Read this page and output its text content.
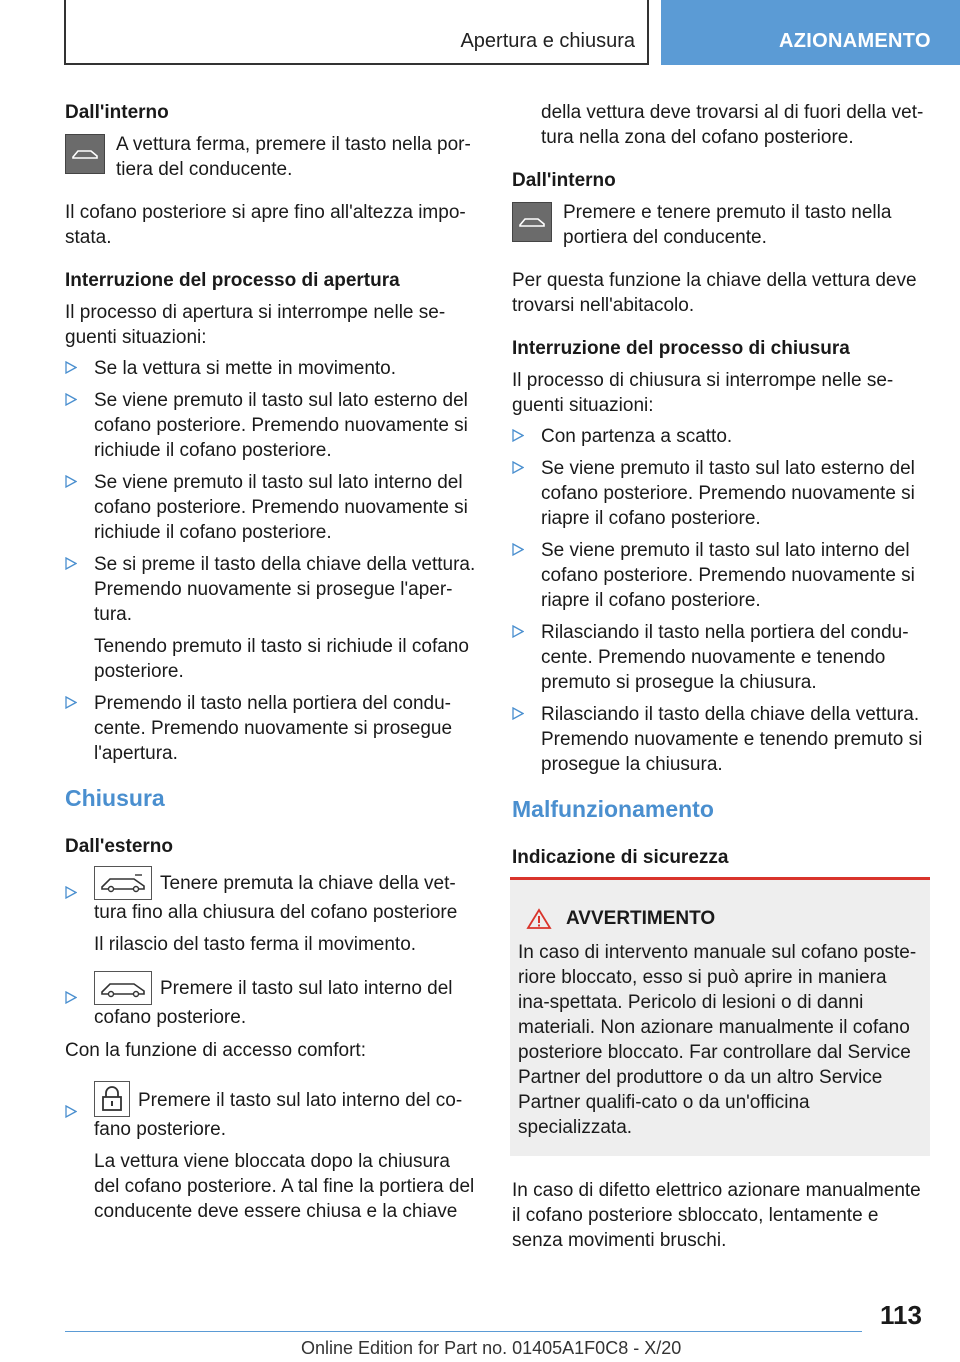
Apertura e chiusura	AZIONAMENTO
Dall'interno
A vettura ferma, premere il tasto nella por-tiera del conducente.

Il cofano posteriore si apre fino all'altezza impo-stata.

Interruzione del processo di apertura

Il processo di apertura si interrompe nelle se-guenti situazioni:

Se la vettura si mette in movimento.
Se viene premuto il tasto sul lato esterno del cofano posteriore. Premendo nuovamente si richiude il cofano posteriore.
Se viene premuto il tasto sul lato interno del cofano posteriore. Premendo nuovamente si richiude il cofano posteriore.
Se si preme il tasto della chiave della vettura. Premendo nuovamente si prosegue l'aper-tura.

Tenendo premuto il tasto si richiude il cofano posteriore.

Premendo il tasto nella portiera del condu-cente. Premendo nuovamente si prosegue l'apertura.
Chiusura
Dall'esterno
Tenere premuta la chiave della vet-tura fino alla chiusura del cofano posteriore

Il rilascio del tasto ferma il movimento.

Premere il tasto sul lato interno del cofano posteriore.

Con la funzione di accesso comfort:

Premere il tasto sul lato interno del co-fano posteriore.

La vettura viene bloccata dopo la chiusura del cofano posteriore. A tal fine la portiera del conducente deve essere chiusa e la chiave

della vettura deve trovarsi al di fuori della vet-tura nella zona del cofano posteriore.

Dall'interno
Premere e tenere premuto il tasto nella portiera del conducente.

Per questa funzione la chiave della vettura deve trovarsi nell'abitacolo.

Interruzione del processo di chiusura

Il processo di chiusura si interrompe nelle se-guenti situazioni:

Con partenza a scatto.
Se viene premuto il tasto sul lato esterno del cofano posteriore. Premendo nuovamente si riapre il cofano posteriore.
Se viene premuto il tasto sul lato interno del cofano posteriore. Premendo nuovamente si riapre il cofano posteriore.
Rilasciando il tasto nella portiera del condu-cente. Premendo nuovamente e tenendo premuto si prosegue la chiusura.
Rilasciando il tasto della chiave della vettura. Premendo nuovamente e tenendo premuto si prosegue la chiusura.
Malfunzionamento
Indicazione di sicurezza
AVVERTIMENTO
In caso di intervento manuale sul cofano poste-riore bloccato, esso si può aprire in maniera ina-spettata. Pericolo di lesioni o di danni materiali. Non azionare manualmente il cofano posteriore bloccato. Far controllare dal Service Partner del produttore o da un altro Service Partner qualifi-cato o da un'officina specializzata.

In caso di difetto elettrico azionare manualmente il cofano posteriore sbloccato, lentamente e senza movimenti bruschi.

113
Online Edition for Part no. 01405A1F0C8 - X/20
